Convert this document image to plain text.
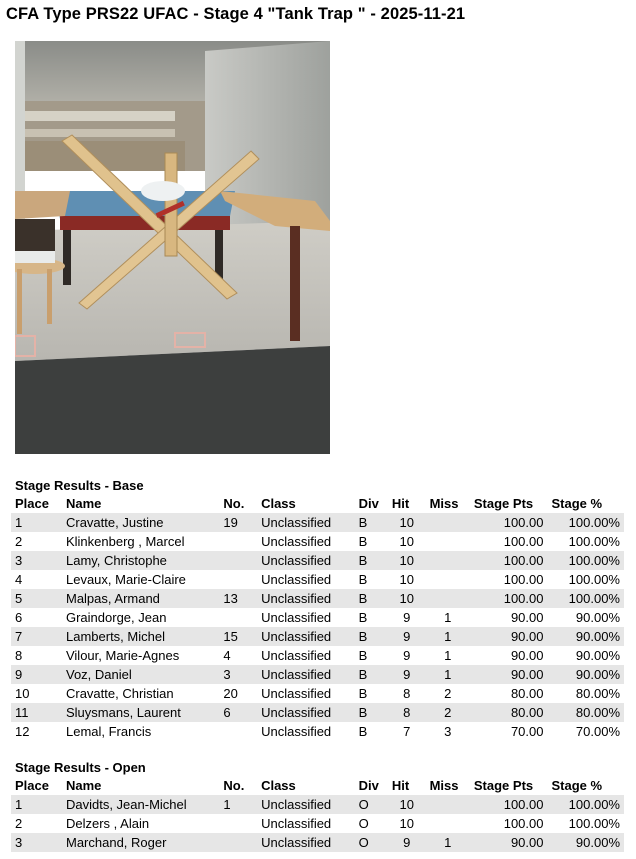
CFA Type PRS22 UFAC - Stage 4 "Tank Trap " - 2025-11-21
Stage Results - Base
Place	Name	No.	Class	Div	Hit	Miss	Stage Pts	Stage %
1	Cravatte, Justine	19	Unclassified	B	10		100.00	100.00%
2	Klinkenberg , Marcel		Unclassified	B	10		100.00	100.00%
3	Lamy, Christophe		Unclassified	B	10		100.00	100.00%
4	Levaux, Marie-Claire		Unclassified	B	10		100.00	100.00%
5	Malpas, Armand	13	Unclassified	B	10		100.00	100.00%
6	Graindorge, Jean		Unclassified	B	9	1	90.00	90.00%
7	Lamberts, Michel	15	Unclassified	B	9	1	90.00	90.00%
8	Vilour, Marie-Agnes	4	Unclassified	B	9	1	90.00	90.00%
9	Voz, Daniel	3	Unclassified	B	9	1	90.00	90.00%
10	Cravatte, Christian	20	Unclassified	B	8	2	80.00	80.00%
11	Sluysmans, Laurent	6	Unclassified	B	8	2	80.00	80.00%
12	Lemal, Francis		Unclassified	B	7	3	70.00	70.00%
Stage Results - Open
Place	Name	No.	Class	Div	Hit	Miss	Stage Pts	Stage %
1	Davidts, Jean-Michel	1	Unclassified	O	10		100.00	100.00%
2	Delzers , Alain		Unclassified	O	10		100.00	100.00%
3	Marchand, Roger		Unclassified	O	9	1	90.00	90.00%
